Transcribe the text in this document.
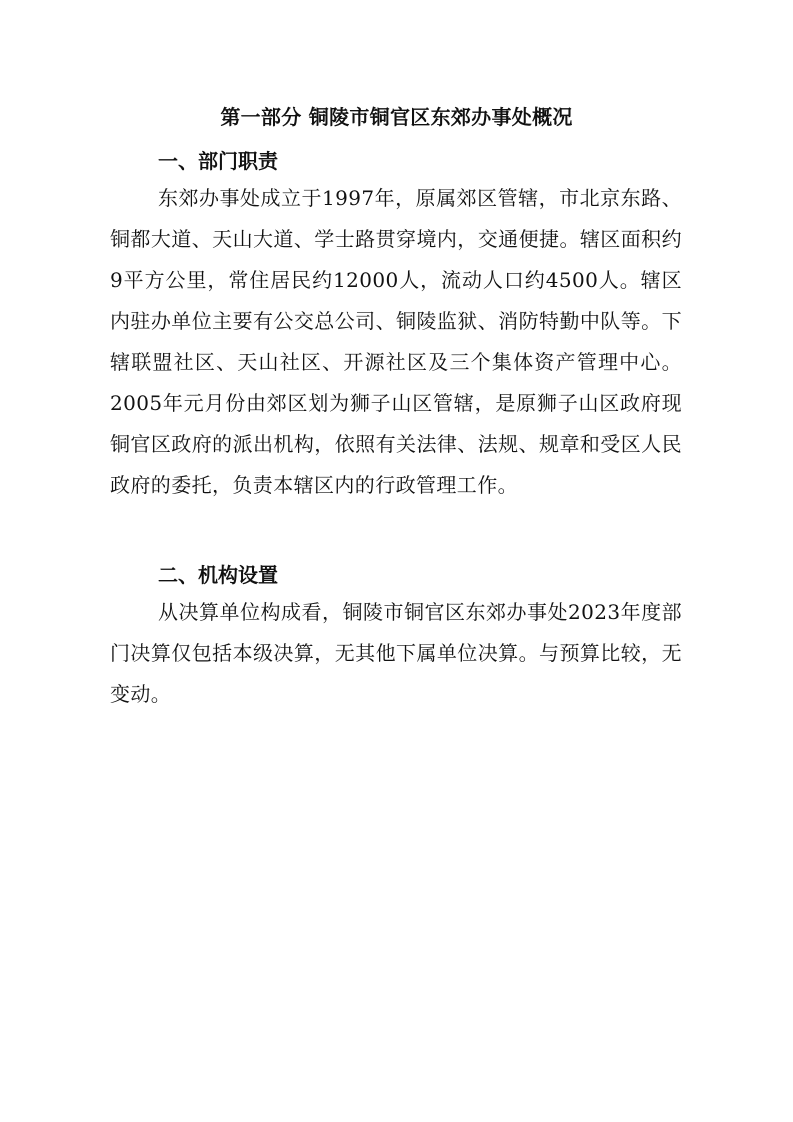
第一部分 铜陵市铜官区东郊办事处概况
一、部门职责

东郊办事处成立于1997年，原属郊区管辖，市北京东路、铜都大道、天山大道、学士路贯穿境内，交通便捷。辖区面积约9平方公里，常住居民约12000人，流动人口约4500人。辖区内驻办单位主要有公交总公司、铜陵监狱、消防特勤中队等。下辖联盟社区、天山社区、开源社区及三个集体资产管理中心。2005年元月份由郊区划为狮子山区管辖，是原狮子山区政府现铜官区政府的派出机构，依照有关法律、法规、规章和受区人民政府的委托，负责本辖区内的行政管理工作。

二、机构设置

从决算单位构成看，铜陵市铜官区东郊办事处2023年度部门决算仅包括本级决算，无其他下属单位决算。与预算比较，无变动。
